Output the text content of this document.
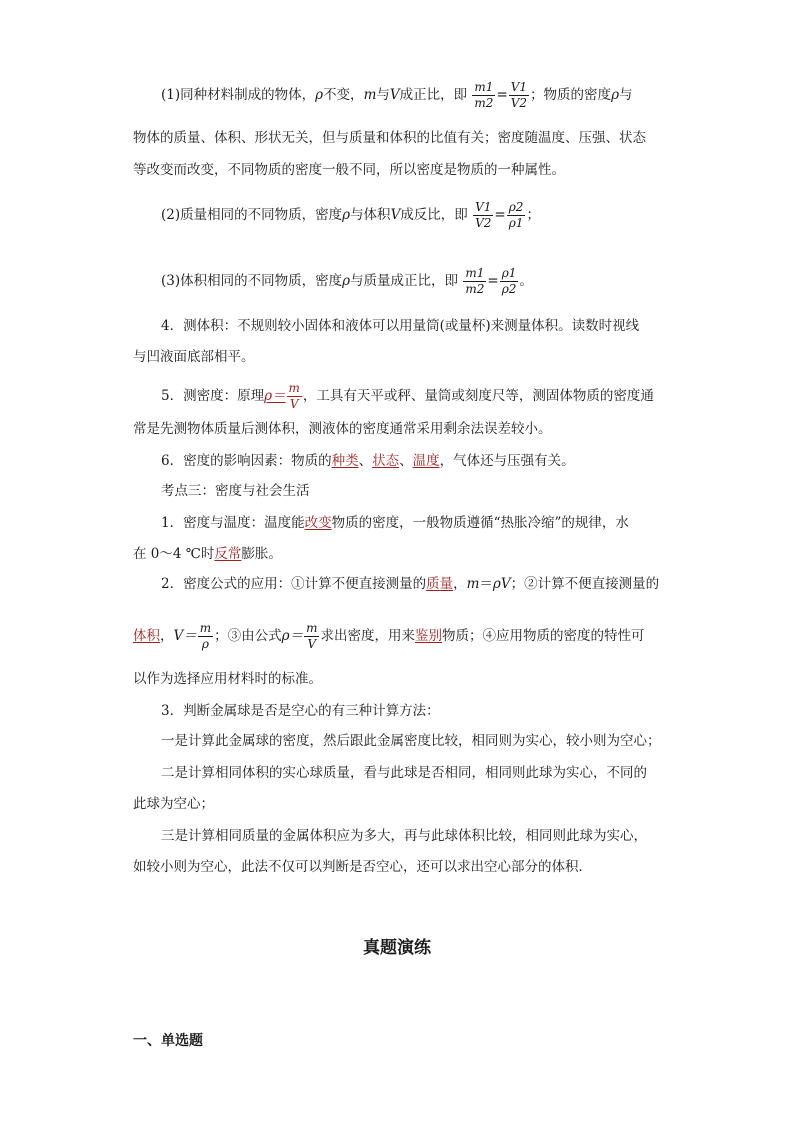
(1)同种材料制成的物体，ρ不变，m与V成正比，即 $\frac{m1}{m2} = \frac{V1}{V2}$ ；物质的密度ρ与
物体的质量、体积、形状无关，但与质量和体积的比值有关；密度随温度、压强、状态
等改变而改变，不同物质的密度一般不同，所以密度是物质的一种属性。
(2)质量相同的不同物质，密度ρ与体积V成反比，即 $\frac{V1}{V2} = \frac{\rho 2}{\rho 1}$ ；
(3)体积相同的不同物质，密度ρ与质量成正比，即 $\frac{m1}{m2} = \frac{\rho 1}{\rho 2}$ 。
4．测体积：不规则较小固体和液体可以用量筒(或量杯)来测量体积。读数时视线
与凹液面底部相平。
5．测密度：原理$\rho= \frac{m}{V}$ ，工具有天平或秤、量筒或刻度尺等，测固体物质的密度通
常是先测物体质量后测体积，测液体的密度通常采用剩余法误差较小。
6．密度的影响因素：物质的种类、状态、温度，气体还与压强有关。
考点三：密度与社会生活
1．密度与温度：温度能改变物质的密度，一般物质遵循“热胀冷缩”的规律，水
在 0～4 ℃时反常膨胀。
2．密度公式的应用：①计算不便直接测量的质量，m＝ρV；②计算不便直接测量的
体积，$V= \frac{m}{\rho}$ ；③由公式$\rho= \frac{m}{V}$ 求出密度，用来鉴别物质；④应用物质的密度的特性可
以作为选择应用材料时的标准。
3．判断金属球是否是空心的有三种计算方法：
一是计算此金属球的密度，然后跟此金属密度比较，相同则为实心，较小则为空心；
二是计算相同体积的实心球质量，看与此球是否相同，相同则此球为实心，不同的
此球为空心；
三是计算相同质量的金属体积应为多大，再与此球体积比较，相同则此球为实心，
如较小则为空心，此法不仅可以判断是否空心，还可以求出空心部分的体积．
真题演练
一、单选题
